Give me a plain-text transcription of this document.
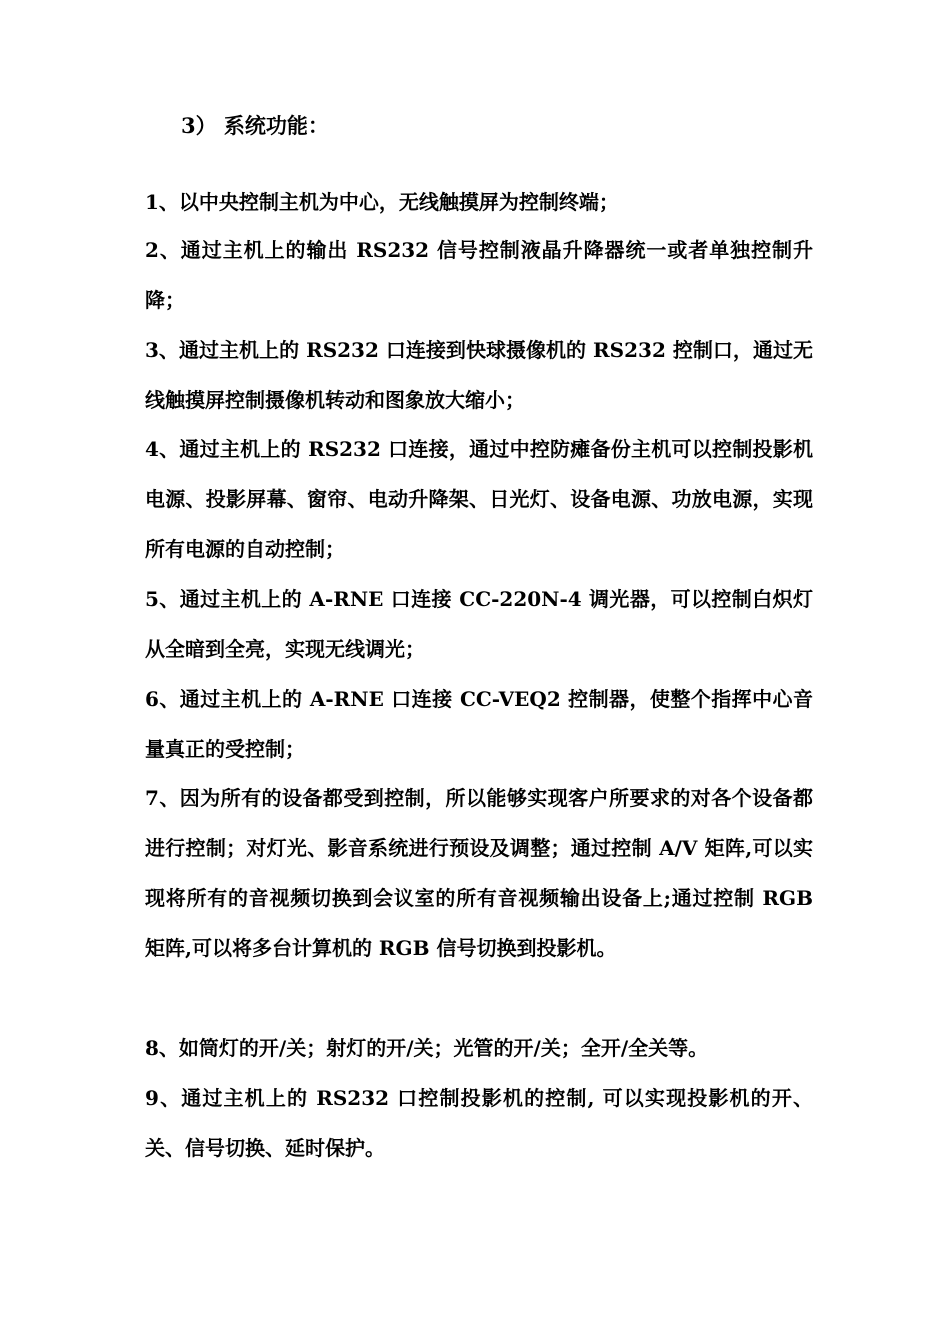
3） 系统功能：

1、以中央控制主机为中心，无线触摸屏为控制终端；

2、通过主机上的输出 RS232 信号控制液晶升降器统一或者单独控制升降；

3、通过主机上的 RS232 口连接到快球摄像机的 RS232 控制口，通过无线触摸屏控制摄像机转动和图象放大缩小；

4、通过主机上的 RS232 口连接，通过中控防瘫备份主机可以控制投影机电源、投影屏幕、窗帘、电动升降架、日光灯、设备电源、功放电源，实现所有电源的自动控制；

5、通过主机上的 A-RNE 口连接 CC-220N-4 调光器，可以控制白炽灯从全暗到全亮，实现无线调光；

6、通过主机上的 A-RNE 口连接 CC-VEQ2 控制器，使整个指挥中心音量真正的受控制；

7、因为所有的设备都受到控制，所以能够实现客户所要求的对各个设备都进行控制；对灯光、影音系统进行预设及调整；通过控制 A/V 矩阵,可以实现将所有的音视频切换到会议室的所有音视频输出设备上;通过控制 RGB 矩阵,可以将多台计算机的 RGB 信号切换到投影机。

8、如筒灯的开/关；射灯的开/关；光管的开/关；全开/全关等。

9、通过主机上的 RS232 口控制投影机的控制, 可以实现投影机的开、关、信号切换、延时保护。
